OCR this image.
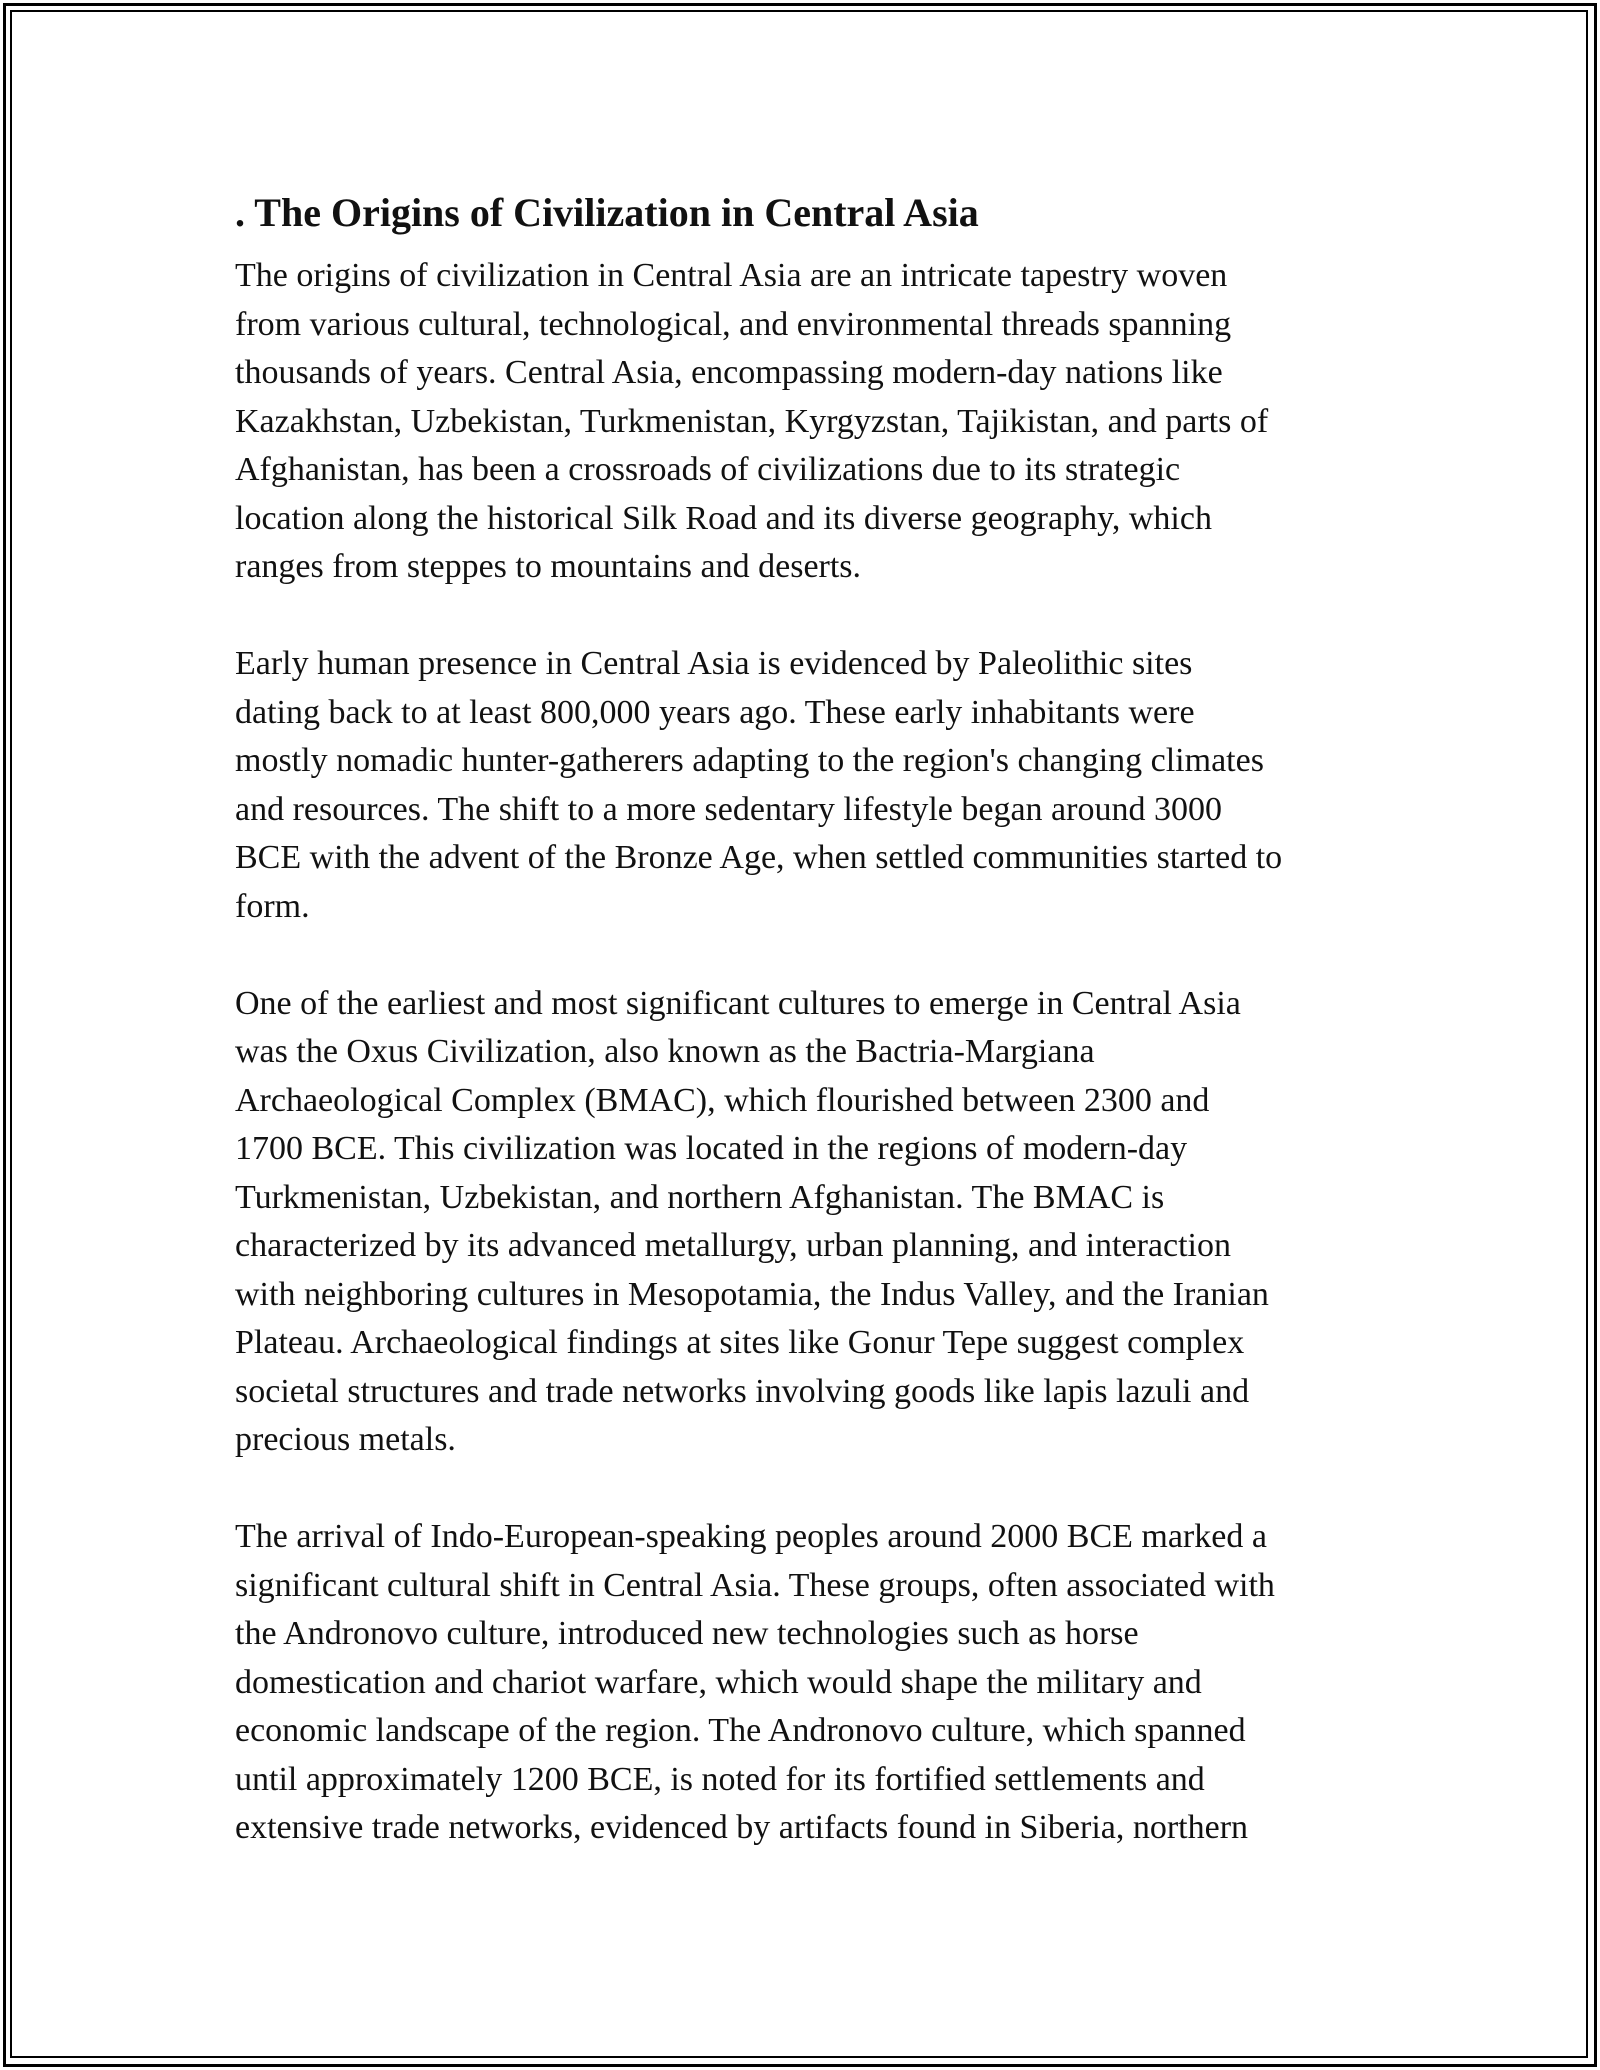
. The Origins of Civilization in Central Asia

The origins of civilization in Central Asia are an intricate tapestry woven
from various cultural, technological, and environmental threads spanning
thousands of years. Central Asia, encompassing modern-day nations like
Kazakhstan, Uzbekistan, Turkmenistan, Kyrgyzstan, Tajikistan, and parts of
Afghanistan, has been a crossroads of civilizations due to its strategic
location along the historical Silk Road and its diverse geography, which
ranges from steppes to mountains and deserts.

Early human presence in Central Asia is evidenced by Paleolithic sites
dating back to at least 800,000 years ago. These early inhabitants were
mostly nomadic hunter-gatherers adapting to the region's changing climates
and resources. The shift to a more sedentary lifestyle began around 3000
BCE with the advent of the Bronze Age, when settled communities started to
form.

One of the earliest and most significant cultures to emerge in Central Asia
was the Oxus Civilization, also known as the Bactria-Margiana
Archaeological Complex (BMAC), which flourished between 2300 and
1700 BCE. This civilization was located in the regions of modern-day
Turkmenistan, Uzbekistan, and northern Afghanistan. The BMAC is
characterized by its advanced metallurgy, urban planning, and interaction
with neighboring cultures in Mesopotamia, the Indus Valley, and the Iranian
Plateau. Archaeological findings at sites like Gonur Tepe suggest complex
societal structures and trade networks involving goods like lapis lazuli and
precious metals.

The arrival of Indo-European-speaking peoples around 2000 BCE marked a
significant cultural shift in Central Asia. These groups, often associated with
the Andronovo culture, introduced new technologies such as horse
domestication and chariot warfare, which would shape the military and
economic landscape of the region. The Andronovo culture, which spanned
until approximately 1200 BCE, is noted for its fortified settlements and
extensive trade networks, evidenced by artifacts found in Siberia, northern
